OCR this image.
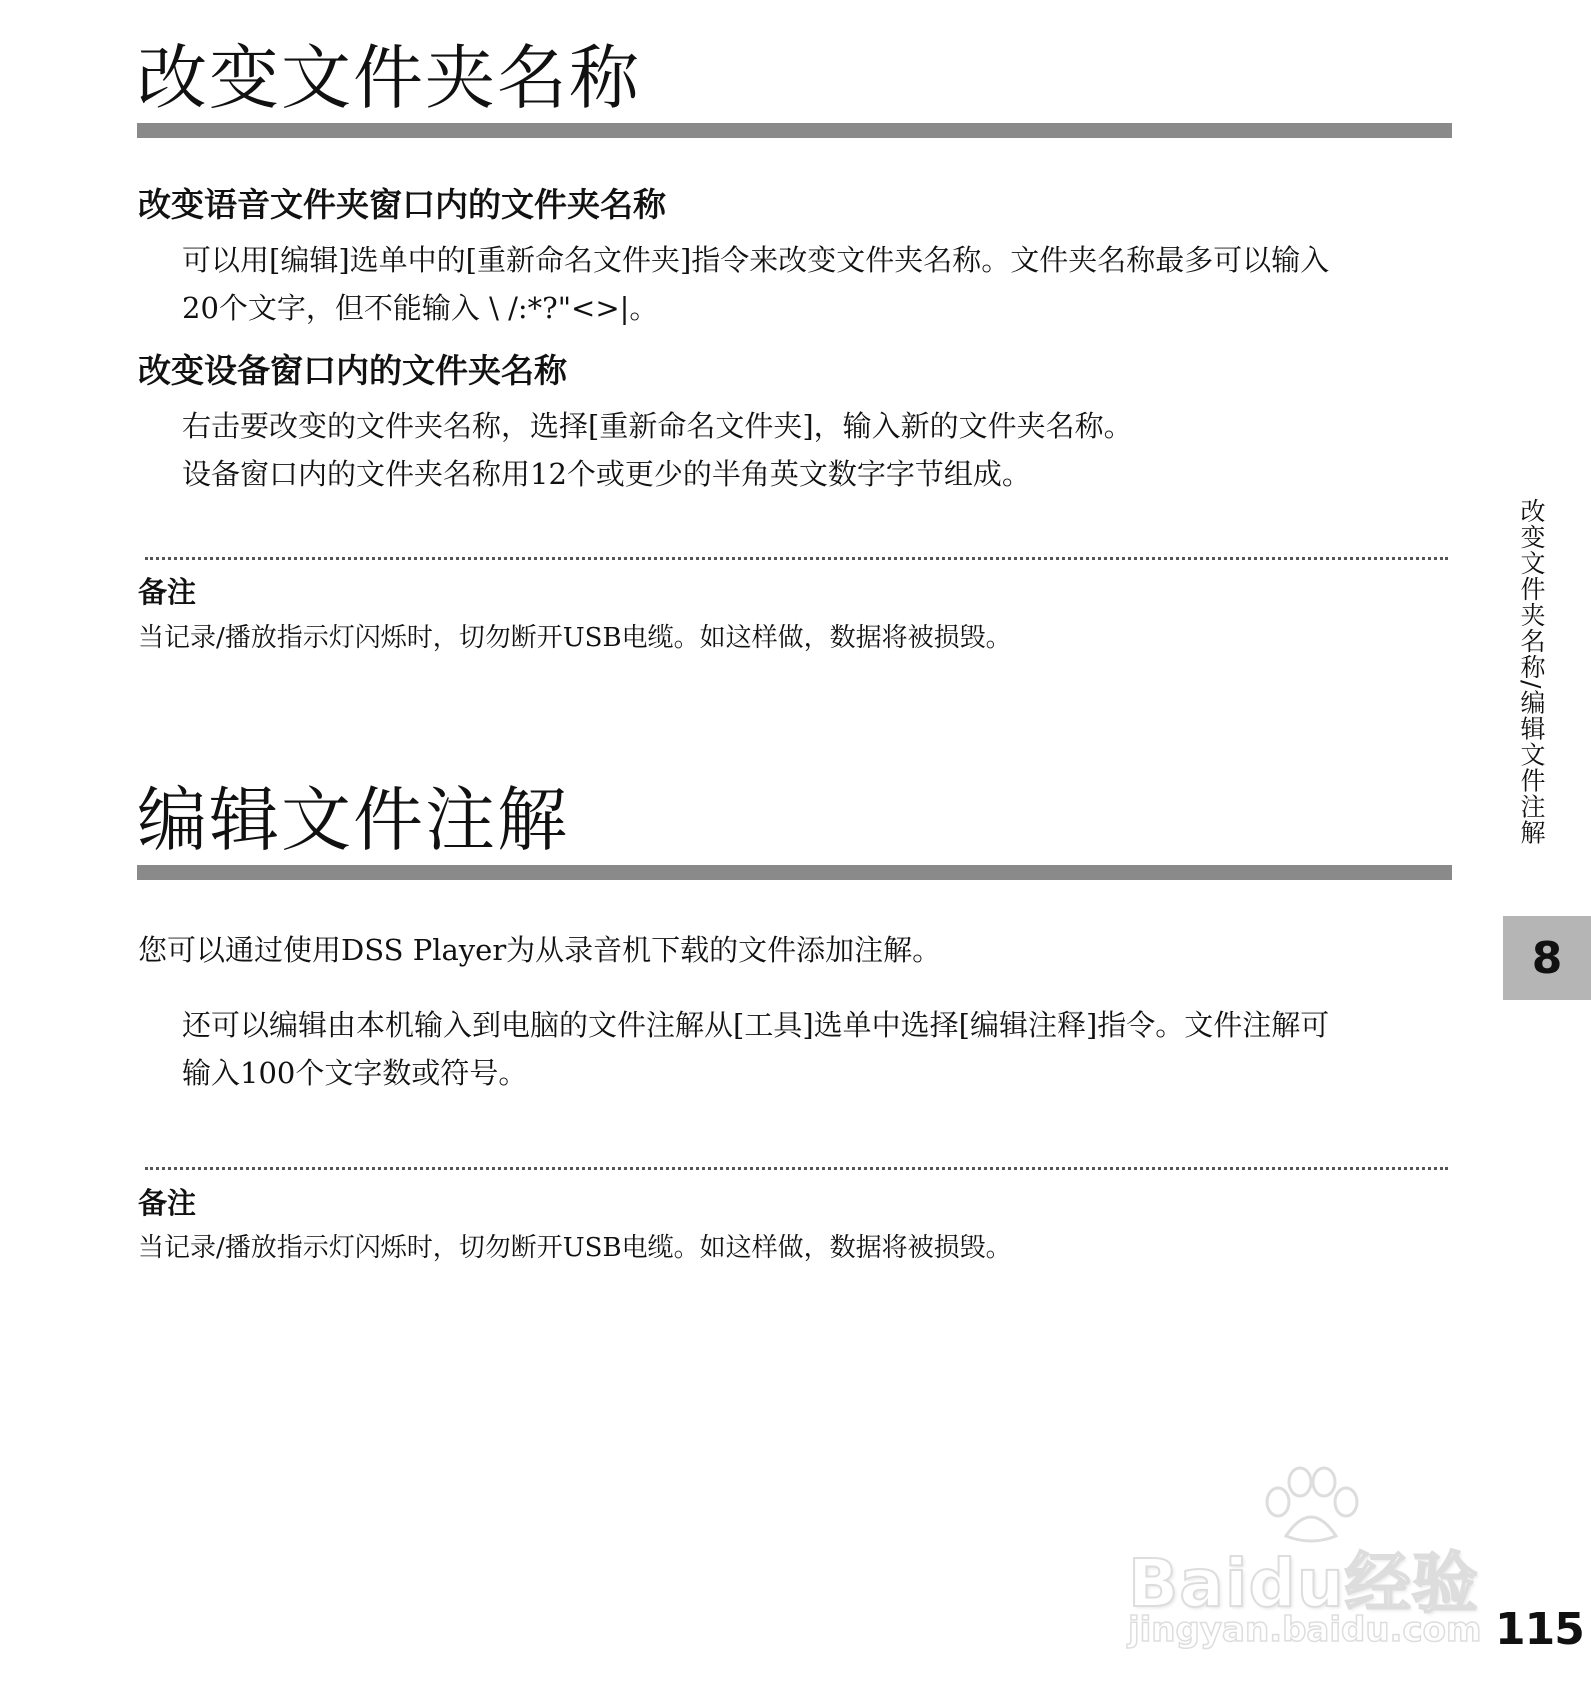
改变文件夹名称
改变语音文件夹窗口内的文件夹名称

可以用[编辑]选单中的[重新命名文件夹]指令来改变文件夹名称。文件夹名称最多可以输入

20个文字，但不能输入 \ /:*?"<>|。

改变设备窗口内的文件夹名称

右击要改变的文件夹名称，选择[重新命名文件夹]，输入新的文件夹名称。

设备窗口内的文件夹名称用12个或更少的半角英文数字字节组成。

备注

当记录/播放指示灯闪烁时，切勿断开USB电缆。如这样做，数据将被损毁。

编辑文件注解

您可以通过使用DSS Player为从录音机下载的文件添加注解。

还可以编辑由本机输入到电脑的文件注解从[工具]选单中选择[编辑注释]指令。文件注解可

输入100个文字数或符号。

备注

当记录/播放指示灯闪烁时，切勿断开USB电缆。如这样做，数据将被损毁。

改变文件夹名称/编辑文件注解
8
Baidu经验
jingyan.baidu.com 115
